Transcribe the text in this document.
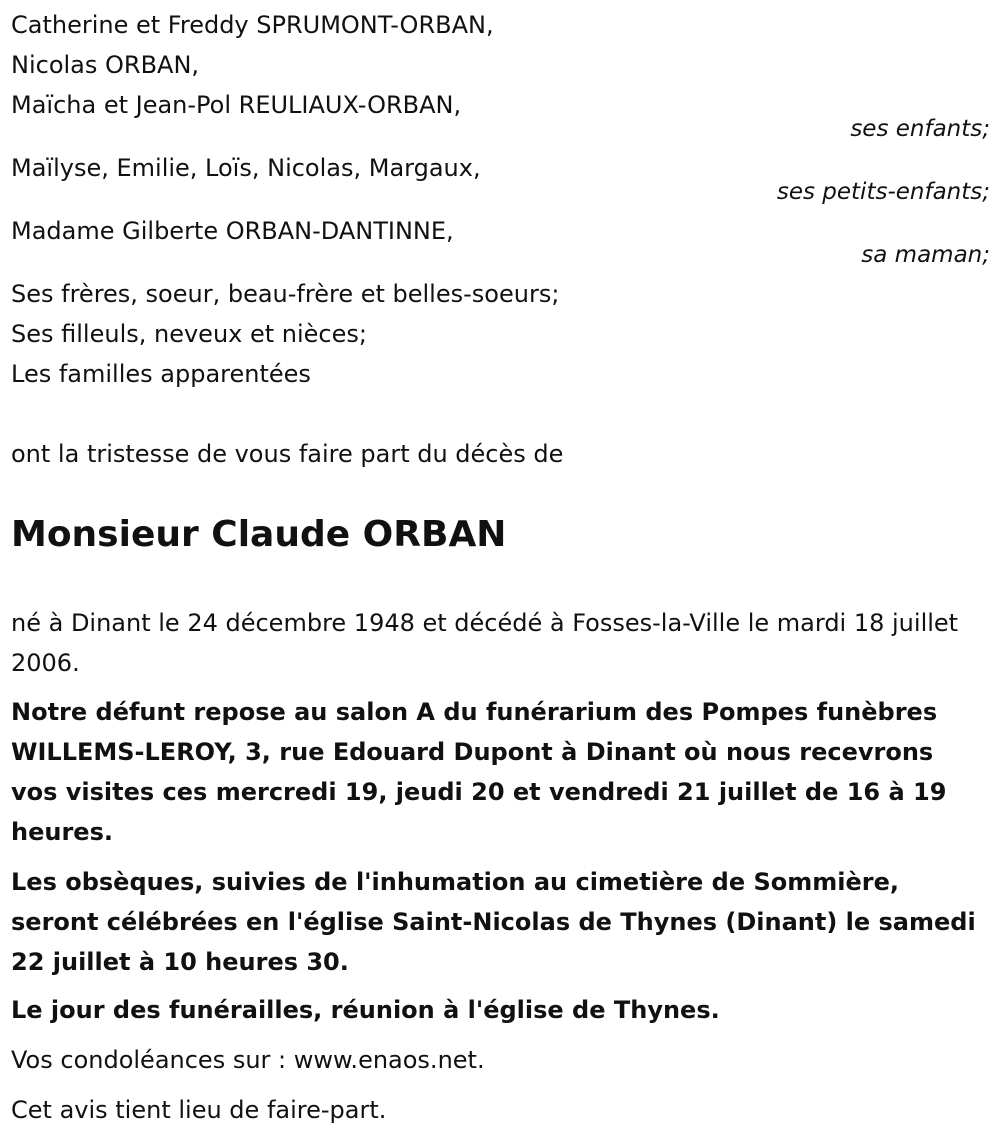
Catherine et Freddy SPRUMONT-ORBAN,
Nicolas ORBAN,
Maïcha et Jean-Pol REULIAUX-ORBAN,
ses enfants;
Maïlyse, Emilie, Loïs, Nicolas, Margaux,
ses petits-enfants;
Madame Gilberte ORBAN-DANTINNE,
sa maman;
Ses frères, soeur, beau-frère et belles-soeurs;
Ses filleuls, neveux et nièces;
Les familles apparentées
ont la tristesse de vous faire part du décès de
Monsieur Claude ORBAN
né à Dinant le 24 décembre 1948 et décédé à Fosses-la-Ville le mardi 18 juillet 2006.
Notre défunt repose au salon A du funérarium des Pompes funèbres WILLEMS-LEROY, 3, rue Edouard Dupont à Dinant où nous recevrons vos visites ces mercredi 19, jeudi 20 et vendredi 21 juillet de 16 à 19 heures.
Les obsèques, suivies de l'inhumation au cimetière de Sommière, seront célébrées en l'église Saint-Nicolas de Thynes (Dinant) le samedi 22 juillet à 10 heures 30.
Le jour des funérailles, réunion à l'église de Thynes.
Vos condoléances sur : www.enaos.net.
Cet avis tient lieu de faire-part.
